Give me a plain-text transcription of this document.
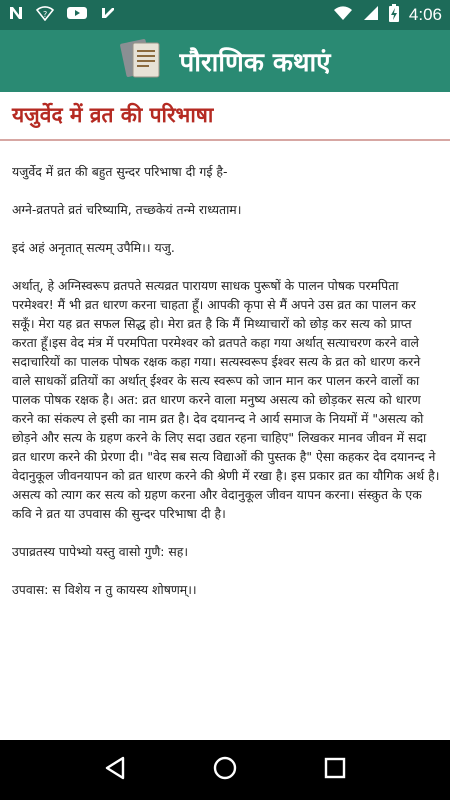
?	4:06
पौराणिक कथाएं
यजुर्वेद में व्रत की परिभाषा

यजुर्वेद में व्रत की बहुत सुन्दर परिभाषा दी गई है-

अग्ने-व्रतपते व्रतं चरिष्यामि, तच्छकेयं तन्मे राध्यताम।

इदं अहं अनृतात् सत्यम् उपैमि।। यजु.

अर्थात्, हे अग्निस्वरूप व्रतपते सत्यव्रत पारायण साधक पुरूषों के पालन पोषक परमपिता परमेश्वर! मैं भी व्रत धारण करना चाहता हूँ। आपकी कृपा से मैं अपने उस व्रत का पालन कर सकूँ। मेरा यह व्रत सफल सिद्ध हो। मेरा व्रत है कि मैं मिथ्याचारों को छोड़ कर सत्य को प्राप्त करता हूँ।इस वेद मंत्र में परमपिता परमेश्वर को व्रतपते कहा गया अर्थात् सत्याचरण करने वाले सदाचारियों का पालक पोषक रक्षक कहा गया। सत्यस्वरूप ईश्वर सत्य के व्रत को धारण करने वाले साधकों व्रतियों का अर्थात् ईश्वर के सत्य स्वरूप को जान मान कर पालन करने वालों का पालक पोषक रक्षक है। अत: व्रत धारण करने वाला मनुष्य असत्य को छोड़कर सत्य को धारण करने का संकल्प ले इसी का नाम व्रत है। देव दयानन्द ने आर्य समाज के नियमों में "असत्य को छोड़ने और सत्य के ग्रहण करने के लिए सदा उद्यत रहना चाहिए" लिखकर मानव जीवन में सदा व्रत धारण करने की प्रेरणा दी। "वेद सब सत्य विद्याओं की पुस्तक है" ऐसा कहकर देव दयानन्द ने वेदानुकूल जीवनयापन को व्रत धारण करने की श्रेणी में रखा है। इस प्रकार व्रत का यौगिक अर्थ है। असत्य को त्याग कर सत्य को ग्रहण करना और वेदानुकूल जीवन यापन करना। संस्क़ुत के एक कवि ने व्रत या उपवास की सुन्दर परिभाषा दी है।

उपाव्रतस्य पापेभ्यो यस्तु वासो गुणै: सह।

उपवास: स विशेय न तु कायस्य शोषणम्।।
